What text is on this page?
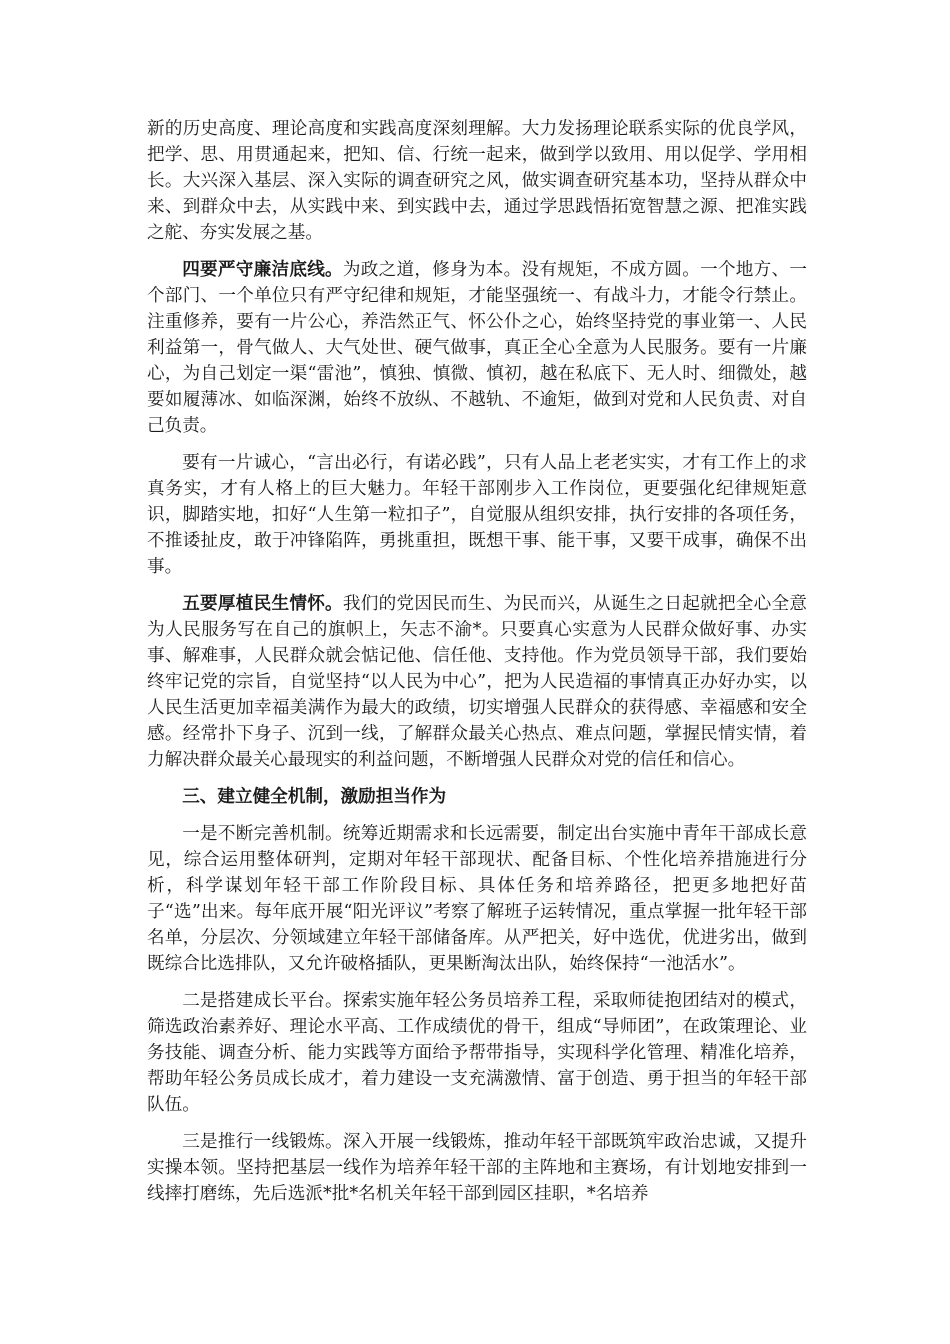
新的历史高度、理论高度和实践高度深刻理解。大力发扬理论联系实际的优良学风，把学、思、用贯通起来，把知、信、行统一起来，做到学以致用、用以促学、学用相长。大兴深入基层、深入实际的调查研究之风，做实调查研究基本功，坚持从群众中来、到群众中去，从实践中来、到实践中去，通过学思践悟拓宽智慧之源、把准实践之舵、夯实发展之基。

四要严守廉洁底线。为政之道，修身为本。没有规矩，不成方圆。一个地方、一个部门、一个单位只有严守纪律和规矩，才能坚强统一、有战斗力，才能令行禁止。注重修养，要有一片公心，养浩然正气、怀公仆之心，始终坚持党的事业第一、人民利益第一，骨气做人、大气处世、硬气做事，真正全心全意为人民服务。要有一片廉心，为自己划定一渠“雷池”，慎独、慎微、慎初，越在私底下、无人时、细微处，越要如履薄冰、如临深渊，始终不放纵、不越轨、不逾矩，做到对党和人民负责、对自己负责。

要有一片诚心，“言出必行，有诺必践”，只有人品上老老实实，才有工作上的求真务实，才有人格上的巨大魅力。年轻干部刚步入工作岗位，更要强化纪律规矩意识，脚踏实地，扣好“人生第一粒扣子”，自觉服从组织安排，执行安排的各项任务，不推诿扯皮，敢于冲锋陷阵，勇挑重担，既想干事、能干事，又要干成事，确保不出事。

五要厚植民生情怀。我们的党因民而生、为民而兴，从诞生之日起就把全心全意为人民服务写在自己的旗帜上，矢志不渝*。只要真心实意为人民群众做好事、办实事、解难事，人民群众就会惦记他、信任他、支持他。作为党员领导干部，我们要始终牢记党的宗旨，自觉坚持“以人民为中心”，把为人民造福的事情真正办好办实，以人民生活更加幸福美满作为最大的政绩，切实增强人民群众的获得感、幸福感和安全感。经常扑下身子、沉到一线，了解群众最关心热点、难点问题，掌握民情实情，着力解决群众最关心最现实的利益问题，不断增强人民群众对党的信任和信心。

三、建立健全机制，激励担当作为

一是不断完善机制。统筹近期需求和长远需要，制定出台实施中青年干部成长意见，综合运用整体研判，定期对年轻干部现状、配备目标、个性化培养措施进行分析，科学谋划年轻干部工作阶段目标、具体任务和培养路径，把更多地把好苗子“选”出来。每年底开展“阳光评议”考察了解班子运转情况，重点掌握一批年轻干部名单，分层次、分领域建立年轻干部储备库。从严把关，好中选优，优进劣出，做到既综合比选排队，又允许破格插队，更果断淘汰出队，始终保持“一池活水”。

二是搭建成长平台。探索实施年轻公务员培养工程，采取师徒抱团结对的模式，筛选政治素养好、理论水平高、工作成绩优的骨干，组成“导师团”，在政策理论、业务技能、调查分析、能力实践等方面给予帮带指导，实现科学化管理、精准化培养，帮助年轻公务员成长成才，着力建设一支充满激情、富于创造、勇于担当的年轻干部队伍。

三是推行一线锻炼。深入开展一线锻炼，推动年轻干部既筑牢政治忠诚，又提升实操本领。坚持把基层一线作为培养年轻干部的主阵地和主赛场，有计划地安排到一线摔打磨练，先后选派*批*名机关年轻干部到园区挂职，*名培养
